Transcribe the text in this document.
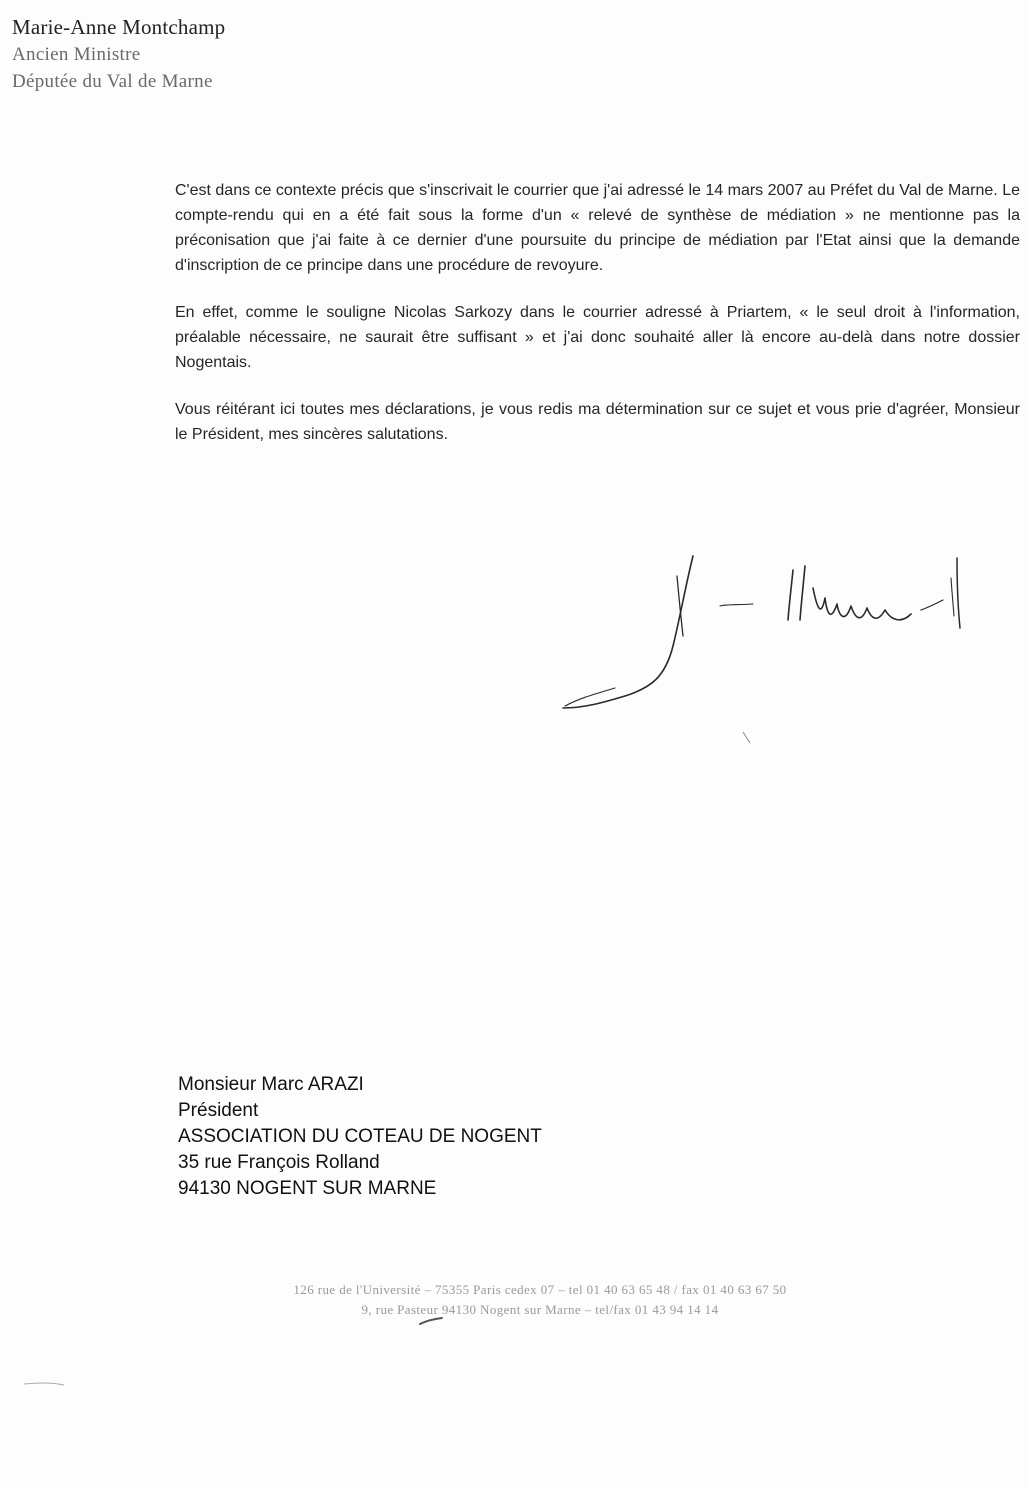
Marie-Anne Montchamp
Ancien Ministre
Députée du Val de Marne

C'est dans ce contexte précis que s'inscrivait le courrier que j'ai adressé le 14 mars 2007 au Préfet du Val de Marne. Le compte-rendu qui en a été fait sous la forme d'un « relevé de synthèse de médiation » ne mentionne pas la préconisation que j'ai faite à ce dernier d'une poursuite du principe de médiation par l'Etat ainsi que la demande d'inscription de ce principe dans une procédure de revoyure.

En effet, comme le souligne Nicolas Sarkozy dans le courrier adressé à Priartem, « le seul droit à l'information, préalable nécessaire, ne saurait être suffisant » et j'ai donc souhaité aller là encore au-delà dans notre dossier Nogentais.

Vous réitérant ici toutes mes déclarations, je vous redis ma détermination sur ce sujet et vous prie d'agréer, Monsieur le Président, mes sincères salutations.

Monsieur Marc ARAZI
Président
ASSOCIATION DU COTEAU DE NOGENT
35 rue François Rolland
94130 NOGENT SUR MARNE
126 rue de l'Université – 75355 Paris cedex 07 – tel 01 40 63 65 48 / fax 01 40 63 67 50
9, rue Pasteur 94130 Nogent sur Marne – tel/fax 01 43 94 14 14
